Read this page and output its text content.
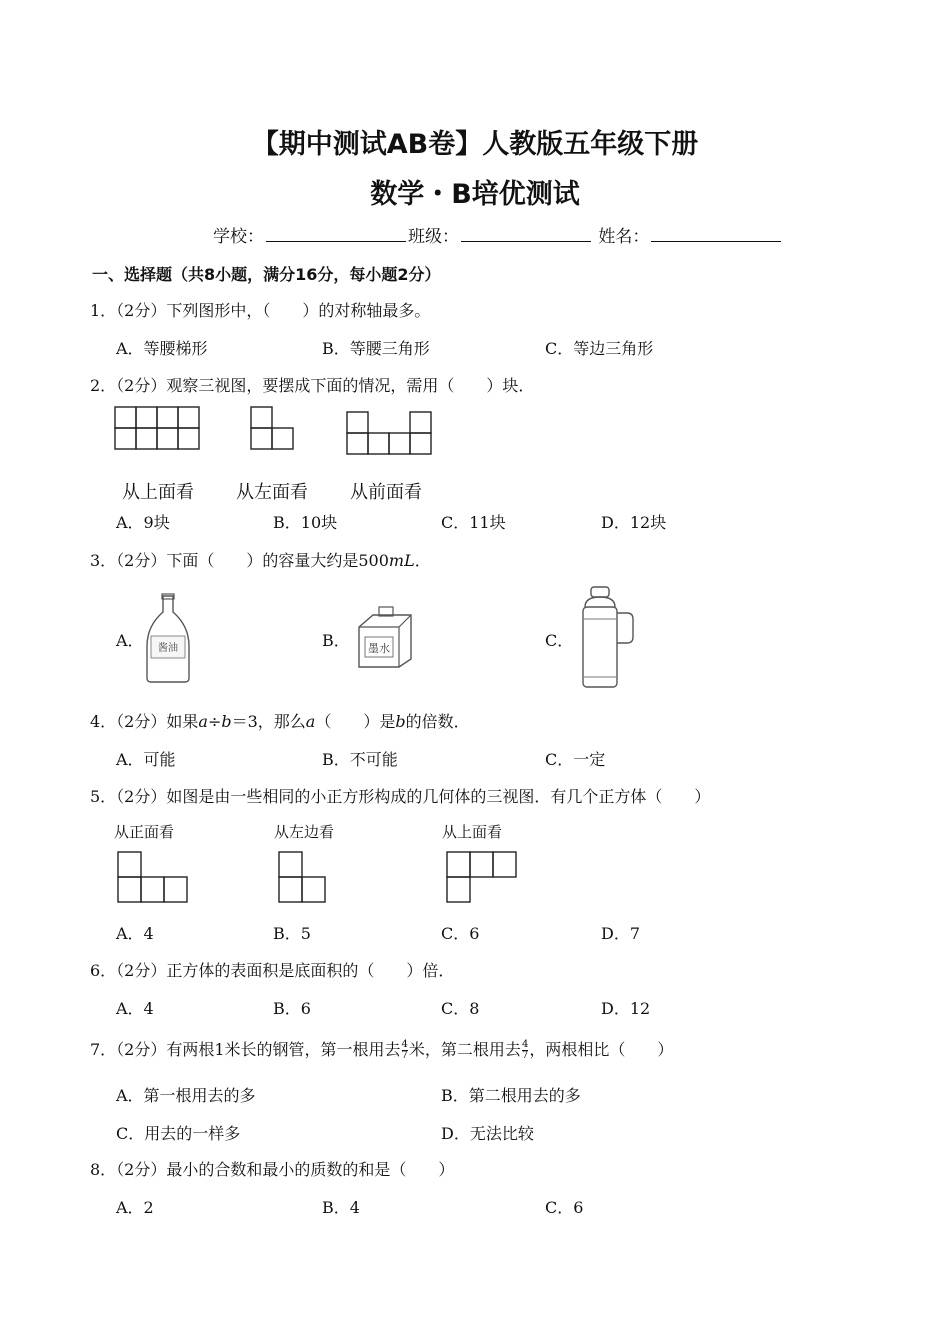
【期中测试AB卷】人教版五年级下册
数学・B培优测试
学校：	班级：	姓名：
一、选择题（共8小题，满分16分，每小题2分）
1．（2分）下列图形中，（　　）的对称轴最多。
A．等腰梯形	B．等腰三角形	C．等边三角形
2．（2分）观察三视图，要摆成下面的情况，需用（　　）块．
从上面看 从左面看 从前面看
A．9块	B．10块	C．11块	D．12块
3．（2分）下面（　　）的容量大约是500mL．
A． 酱油	B． 墨水	C．
4．（2分）如果a÷b＝3，那么a（　　）是b的倍数．
A．可能	B．不可能	C．一定
5．（2分）如图是由一些相同的小正方形构成的几何体的三视图．有几个正方体（　　）
从正面看	从左边看	从上面看
A．4	B．5	C．6	D．7
6．（2分）正方体的表面积是底面积的（　　）倍．
A．4	B．6	C．8	D．12
7．（2分）有两根1米长的钢管，第一根用去 $\frac{4}{7}$ 米，第二根用去 $\frac{4}{7}$ ，两根相比（　　）
A．第一根用去的多	B．第二根用去的多
C．用去的一样多	D．无法比较
8．（2分）最小的合数和最小的质数的和是（　　）
A．2	B．4	C．6
